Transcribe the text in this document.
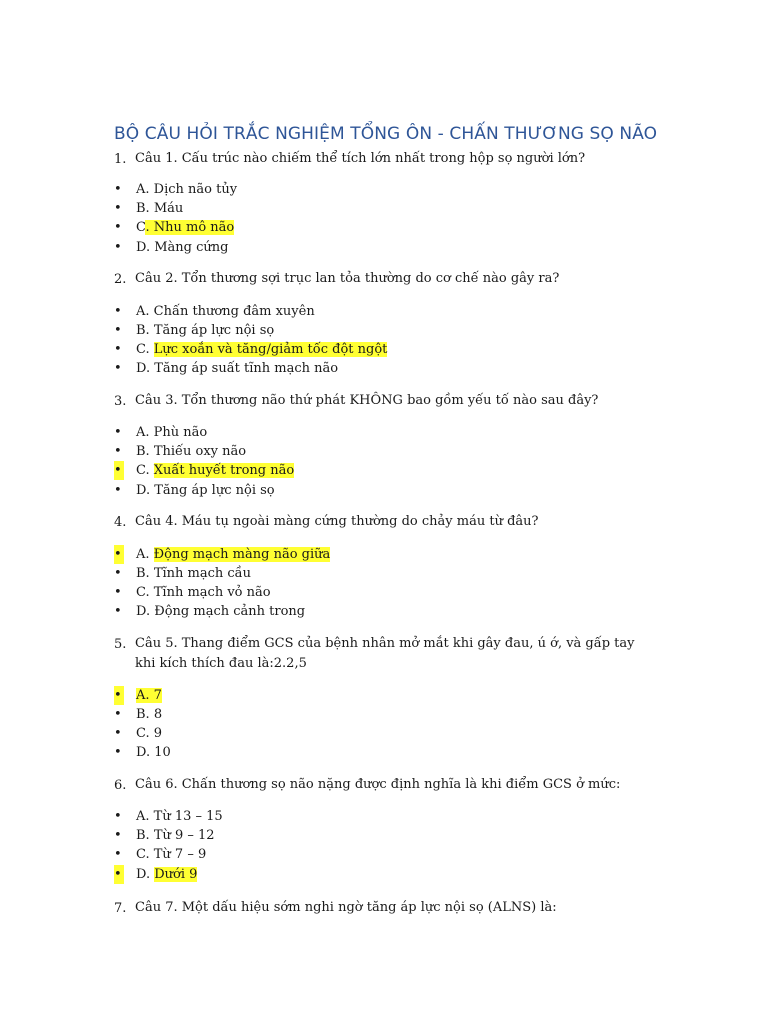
BỘ CÂU HỎI TRẮC NGHIỆM TỔNG ÔN - CHẤN THƯƠNG SỌ NÃO
1. Câu 1. Cấu trúc nào chiếm thể tích lớn nhất trong hộp sọ người lớn?
• A. Dịch não tủy
• B. Máu
• C. Nhu mô não
• D. Màng cứng
2. Câu 2. Tổn thương sợi trục lan tỏa thường do cơ chế nào gây ra?
• A. Chấn thương đâm xuyên
• B. Tăng áp lực nội sọ
• C. Lực xoắn và tăng/giảm tốc đột ngột
• D. Tăng áp suất tĩnh mạch não
3. Câu 3. Tổn thương não thứ phát KHÔNG bao gồm yếu tố nào sau đây?
• A. Phù não
• B. Thiếu oxy não
• C. Xuất huyết trong não
• D. Tăng áp lực nội sọ
4. Câu 4. Máu tụ ngoài màng cứng thường do chảy máu từ đâu?
• A. Động mạch màng não giữa
• B. Tĩnh mạch cầu
• C. Tĩnh mạch vỏ não
• D. Động mạch cảnh trong
5. Câu 5. Thang điểm GCS của bệnh nhân mở mắt khi gây đau, ú ớ, và gấp tay khi kích thích đau là:2.2,5
• A. 7
• B. 8
• C. 9
• D. 10
6. Câu 6. Chấn thương sọ não nặng được định nghĩa là khi điểm GCS ở mức:
• A. Từ 13 – 15
• B. Từ 9 – 12
• C. Từ 7 – 9
• D. Dưới 9
7. Câu 7. Một dấu hiệu sớm nghi ngờ tăng áp lực nội sọ (ALNS) là:
